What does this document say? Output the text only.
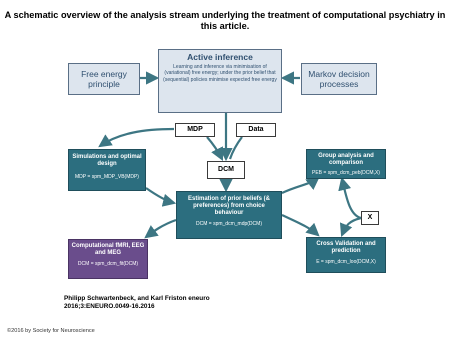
A schematic overview of the analysis stream underlying the treatment of computational psychiatry in this article.
Free energy principle
Active inference
Learning and inference via minimisation of (variational) free energy; under the prior belief that (sequential) policies minimise expected free energy
Markov decision processes
MDP	Data
DCM
Simulations and optimal design
MDP = spm_MDP_VB(MDP)
Estimation of prior beliefs (& preferences) from choice behaviour
DCM = spm_dcm_mdp(DCM)
Computational fMRI, EEG and MEG
DCM = spm_dcm_fit(DCM)
Group analysis and comparison
PEB = spm_dcm_peb(DCM,X)
X
Cross Validation and prediction
E = spm_dcm_loo(DCM,X)
Philipp Schwartenbeck, and Karl Friston eneuro
2016;3:ENEURO.0049-16.2016
©2016 by Society for Neuroscience
